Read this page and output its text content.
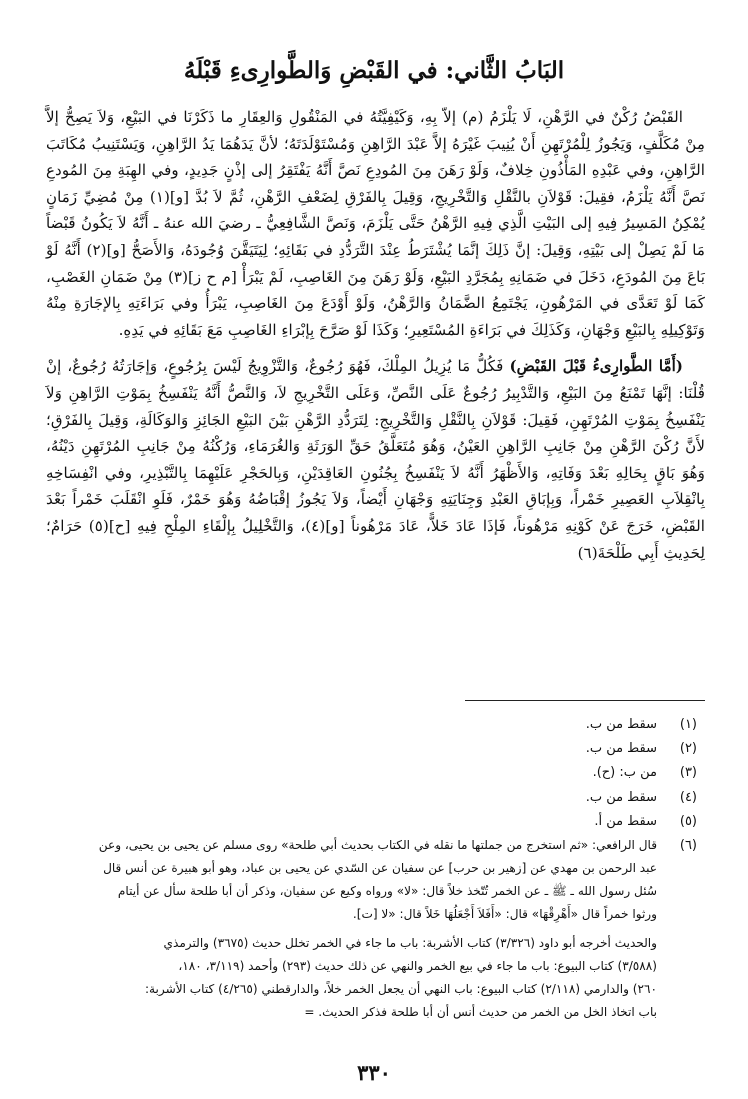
البَابُ الثَّاني: في القَبْضِ وَالطَّوارِىءِ قَبْلَهُ

القَبْضُ رُكْنٌ في الرَّهْنِ، لَا يَلْزَمُ (م) إلاّ بِهِ، وَكَيْفِيَّتُهُ في المَنْقُولِ وَالعِقَارِ ما ذَكَرْنَا في البَيْعِ، وَلاَ يَصِحُّ إلاَّ مِنْ مُكَلَّفٍ، وَيَجُوزُ لِلْمُرْتَهِنِ أَنْ يُنِيبَ غَيْرَهُ إلاَّ عَبْدَ الرَّاهِنِ وَمُسْتَوْلَدَتَهُ؛ لأنَّ يَدَهُمَا يَدُ الرَّاهِنِ، وَيَسْتَنِيبُ مُكَاتَبَ الرَّاهِنِ، وفي عَبْدِهِ المَأْذُونِ خِلافٌ، وَلَوْ رَهَنَ مِنَ المُودِعِ نَصَّ أَنَّهُ يَفْتَقِرُ إلى إذْنٍ جَدِيدٍ، وفي الهِبَةِ مِنَ المُودعِ نَصَّ أَنَّهُ يَلْزَمُ، فقِيلَ: قَوْلاَنِ بالنَّقْلِ وَالتَّخْرِيجِ، وَقِيلَ بِالفَرْقِ لِضَعْفِ الرَّهْنِ، ثُمَّ لاَ بُدَّ [و](١) مِنْ مُضِيِّ زَمَانٍ يُمْكِنُ المَسِيرُ فِيهِ إلى البَيْتِ الَّذِي فِيهِ الرَّهْنُ حَتَّى يَلْزَمَ، وَنَصَّ الشَّافِعِيُّ ـ رضيَ الله عنهُ ـ أَنَّهُ لاَ يَكُونُ قَبْضاً مَا لَمْ يَصِلْ إلى بَيْتِهِ، وَقِيلَ: إنَّ ذَلِكَ إنَّمَا يُشْتَرَطُ عِنْدَ التَّرَدُّدِ في بَقَائِهِ؛ لِيَتَيَقَّنَ وُجُودَهُ، وَالأَصَحُّ [و](٢) أَنَّهُ لَوْ بَاعَ مِنَ المُودَعِ، دَخَلَ في ضَمَانِهِ بِمُجَرَّدِ البَيْعِ، وَلَوْ رَهَنَ مِنَ الغَاصِبِ، لَمْ يَبْرَأْ [م ح ز](٣) مِنْ ضَمَانِ الغَصْبِ، كَمَا لَوْ تَعَدَّى في المَرْهُونِ، يَجْتَمِعُ الضَّمَانُ وَالرَّهْنُ، وَلَوْ أَوْدَعَ مِنَ الغَاصِبِ، يَبْرَأُ وفي بَرَاءَتِهِ بِالإجَارَةِ مِنْهُ وَتَوْكِيلِهِ بِالبَيْعِ وَجْهَانِ، وَكَذَلِكَ في بَرَاءَةِ المُسْتَعِيرِ؛ وَكَذَا لَوْ صَرَّحَ بِإبْرَاءِ الغَاصِبِ مَعَ بَقَائِهِ في يَدِهِ.

(أَمَّا الطَّوارِىءُ قَبْلَ القَبْضِ) فَكُلُّ مَا يُزِيلُ المِلْكَ، فَهُوَ رُجُوعٌ، وَالتَّزْوِيجُ لَيْسَ بِرُجُوعٍ، وَإجَارَتُهُ رُجُوعٌ، إنْ قُلْنَا: إنَّهَا تَمْنَعُ مِنَ البَيْعِ، وَالتَّدْبِيرُ رُجُوعٌ عَلَى النَّصِّ، وَعَلَى التَّخْرِيجِ لاَ، وَالنَّصُّ أَنَّهُ يَنْفَسِخُ بِمَوْتِ الرَّاهِنِ وَلاَ يَنْفَسِخُ بِمَوْتِ المُرْتَهِنِ، فَقِيلَ: قَوْلاَنِ بِالنَّقْلِ وَالتَّخْرِيجِ: لِتَرَدُّدِ الرَّهْنِ بَيْنَ البَيْعِ الجَائِزِ وَالوَكَالَةِ، وَقِيلَ بِالفَرْقِ؛ لأَنَّ رُكْنَ الرَّهْنِ مِنْ جَانِبِ الرَّاهِنِ العَيْنُ، وَهُوَ مُتَعَلَّقُ حَقِّ الوَرَثَةِ وَالغُرَمَاءِ، وَرُكْنُهُ مِنْ جَانِبِ المُرْتَهِنِ دَيْنُهُ، وَهُوَ بَاقٍ بِحَالِهِ بَعْدَ وَفَاتِهِ، وَالأَظْهَرُ أَنَّهُ لاَ يَنْفَسِخُ بِجُنُونِ العَاقِدَيْنِ، وَبِالحَجْرِ عَلَيْهِمَا بِالتَّبْذِيرِ، وفي انْفِسَاخِهِ بِانْقِلاَبِ العَصِيرِ خَمْراً، وَبِإبَاقِ العَبْدِ وَجِنَايَتِهِ وَجْهَانِ أَيْضاً، وَلاَ يَجُوزُ إقْبَاضُهُ وَهُوَ خَمْرٌ، فَلَوِ انْقَلَبَ خَمْراً بَعْدَ القَبْضِ، خَرَجَ عَنْ كَوْنِهِ مَرْهُوناً، فَإذَا عَادَ خَلاًّ، عَادَ مَرْهُوناً [و](٤)، وَالتَّخْلِيلُ بِإلْقَاءِ المِلْحِ فِيهِ [ح](٥) حَرَامٌ؛ لِحَدِيثِ أَبِي طَلْحَةَ(٦)

(١)
سقط من ب.
(٢)
سقط من ب.
(٣)
من ب: (ح).
(٤)
سقط من ب.
(٥)
سقط من أ.
(٦)
قال الرافعي: «ثم استخرج من جملتها ما نقله في الكتاب بحديث أبي طلحة» روى مسلم عن يحيى بن يحيى، وعن
عبد الرحمن بن مهدي عن [زهير بن حرب] عن سفيان عن السّدي عن يحيى بن عباد، وهو أبو هبيرة عن أنس قال
سُئل رسول الله ـ ﷺ ـ عن الخمر تُتّخذ خلاً قال: «لا» ورواه وكيع عن سفيان، وذكر أن أبا طلحة سأل عن أيتام
ورثوا خمراً قال «أَهْرِقْهَا» قال: «أَفَلاَ أَجْعَلُهَا خَلاً قال: «لا [ت].
والحديث أخرجه أبو داود (٣/٣٢٦) كتاب الأشربة: باب ما جاء في الخمر تخلل حديث (٣٦٧٥) والترمذي
(٣/٥٨٨) كتاب البيوع: باب ما جاء في بيع الخمر والنهي عن ذلك حديث (٢٩٣) وأحمد (٣/١١٩، ١٨٠،
٢٦٠) والدارمي (٢/١١٨) كتاب البيوع: باب النهي أن يجعل الخمر خلاً، والدارقطني (٤/٢٦٥) كتاب الأشربة:
باب اتخاذ الخل من الخمر من حديث أنس أن أبا طلحة فذكر الحديث. =
٣٣٠
